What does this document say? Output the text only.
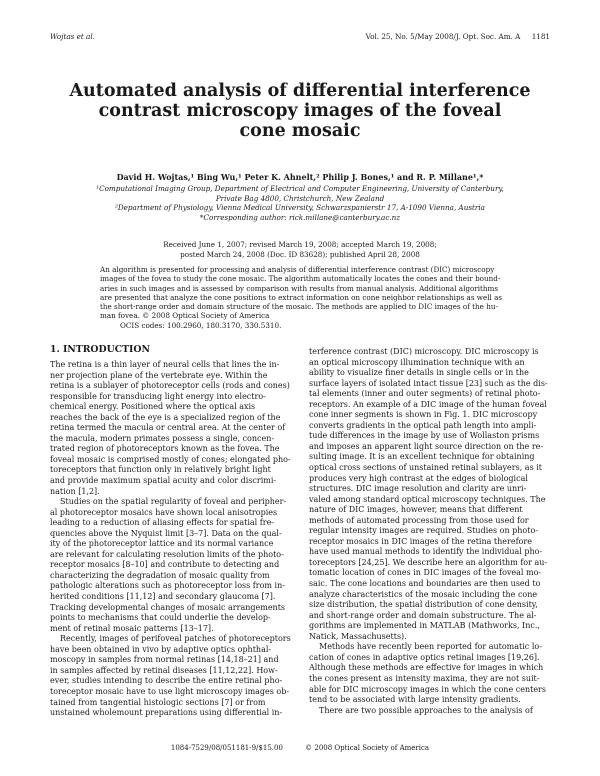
Wojtas et al.	Vol. 25, No. 5/May 2008/J. Opt. Soc. Am. A     1181
Automated analysis of differential interference
contrast microscopy images of the foveal
cone mosaic
David H. Wojtas,¹ Bing Wu,¹ Peter K. Ahnelt,² Philip J. Bones,¹ and R. P. Millane¹,*
¹Computational Imaging Group, Department of Electrical and Computer Engineering, University of Canterbury,
Private Bag 4800, Christchurch, New Zealand
²Department of Physiology, Vienna Medical University, Schwarzspanierstr 17, A-1090 Vienna, Austria
*Corresponding author: rick.millane@canterbury.ac.nz
Received June 1, 2007; revised March 19, 2008; accepted March 19, 2008;
posted March 24, 2008 (Doc. ID 83628); published April 28, 2008
An algorithm is presented for processing and analysis of differential interference contrast (DIC) microscopy
images of the fovea to study the cone mosaic. The algorithm automatically locates the cones and their bound-
aries in such images and is assessed by comparison with results from manual analysis. Additional algorithms
are presented that analyze the cone positions to extract information on cone neighbor relationships as well as
the short-range order and domain structure of the mosaic. The methods are applied to DIC images of the hu-
man fovea. © 2008 Optical Society of America
OCIS codes: 100.2960, 180.3170, 330.5310.
1. INTRODUCTION
The retina is a thin layer of neural cells that lines the in-
ner projection plane of the vertebrate eye. Within the
retina is a sublayer of photoreceptor cells (rods and cones)
responsible for transducing light energy into electro-
chemical energy. Positioned where the optical axis
reaches the back of the eye is a specialized region of the
retina termed the macula or central area. At the center of
the macula, modern primates possess a single, concen-
trated region of photoreceptors known as the fovea. The
foveal mosaic is comprised mostly of cones; elongated pho-
toreceptors that function only in relatively bright light
and provide maximum spatial acuity and color discrimi-
nation [1,2].
Studies on the spatial regularity of foveal and peripher-
al photoreceptor mosaics have shown local anisotropies
leading to a reduction of aliasing effects for spatial fre-
quencies above the Nyquist limit [3–7]. Data on the qual-
ity of the photoreceptor lattice and its normal variance
are relevant for calculating resolution limits of the photo-
receptor mosaics [8–10] and contribute to detecting and
characterizing the degradation of mosaic quality from
pathologic alterations such as photoreceptor loss from in-
herited conditions [11,12] and secondary glaucoma [7].
Tracking developmental changes of mosaic arrangements
points to mechanisms that could underlie the develop-
ment of retinal mosaic patterns [13–17].
Recently, images of perifoveal patches of photoreceptors
have been obtained in vivo by adaptive optics ophthal-
moscopy in samples from normal retinas [14,18–21] and
in samples affected by retinal diseases [11,12,22]. How-
ever, studies intending to describe the entire retinal pho-
toreceptor mosaic have to use light microscopy images ob-
tained from tangential histologic sections [7] or from
unstained wholemount preparations using differential in-
terference contrast (DIC) microscopy. DIC microscopy is
an optical microscopy illumination technique with an
ability to visualize finer details in single cells or in the
surface layers of isolated intact tissue [23] such as the dis-
tal elements (inner and outer segments) of retinal photo-
receptors. An example of a DIC image of the human foveal
cone inner segments is shown in Fig. 1. DIC microscopy
converts gradients in the optical path length into ampli-
tude differences in the image by use of Wollaston prisms
and imposes an apparent light source direction on the re-
sulting image. It is an excellent technique for obtaining
optical cross sections of unstained retinal sublayers, as it
produces very high contrast at the edges of biological
structures. DIC image resolution and clarity are unri-
valed among standard optical microscopy techniques. The
nature of DIC images, however, means that different
methods of automated processing from those used for
regular intensity images are required. Studies on photo-
receptor mosaics in DIC images of the retina therefore
have used manual methods to identify the individual pho-
toreceptors [24,25]. We describe here an algorithm for au-
tomatic location of cones in DIC images of the foveal mo-
saic. The cone locations and boundaries are then used to
analyze characteristics of the mosaic including the cone
size distribution, the spatial distribution of cone density,
and short-range order and domain substructure. The al-
gorithms are implemented in MATLAB (Mathworks, Inc.,
Natick, Massachusetts).
Methods have recently been reported for automatic lo-
cation of cones in adaptive optics retinal images [19,26].
Although these methods are effective for images in which
the cones present as intensity maxima, they are not suit-
able for DIC microscopy images in which the cone centers
tend to be associated with large intensity gradients.
There are two possible approaches to the analysis of
1084-7529/08/051181-9/$15.00          © 2008 Optical Society of America
